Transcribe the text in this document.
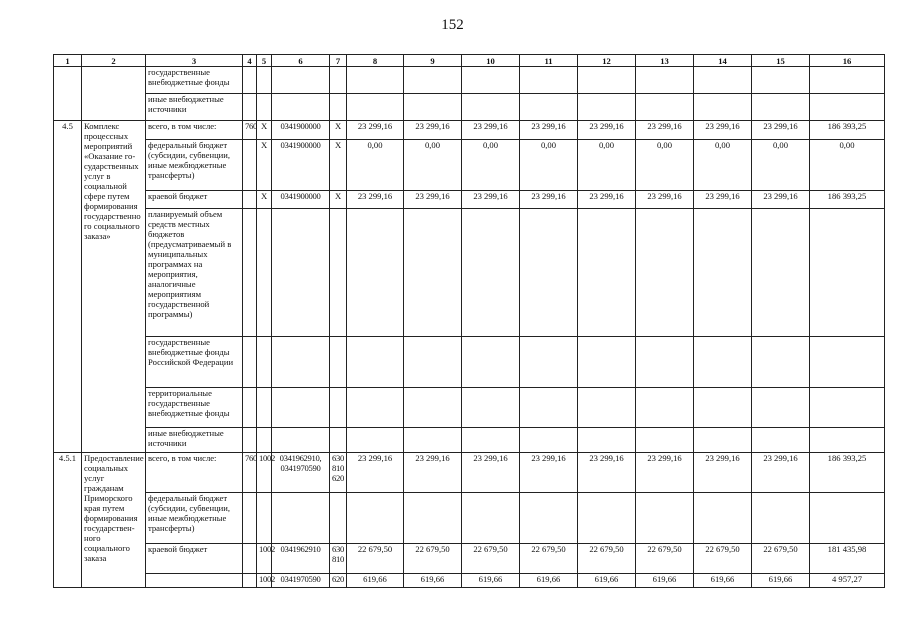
152
1	2	3	4	5	6	7	8	9	10	11	12	13	14	15	16
		государственные внебюджетные фонды													
		иные внебюджетные источники													
4.5	Комплекс процессных мероприятий «Оказание го-сударственных услуг в социальной сфере путем формирования государственно го социального заказа»	всего, в том числе:	760	Х	0341900000	Х	23 299,16	23 299,16	23 299,16	23 299,16	23 299,16	23 299,16	23 299,16	23 299,16	186 393,25
		федеральный бюджет (субсидии, субвенции, иные межбюджетные трансферты)		Х	0341900000	Х	0,00	0,00	0,00	0,00	0,00	0,00	0,00	0,00	0,00
		краевой бюджет		Х	0341900000	Х	23 299,16	23 299,16	23 299,16	23 299,16	23 299,16	23 299,16	23 299,16	23 299,16	186 393,25
		планируемый объем средств местных бюджетов (предусматриваемый в муниципальных программах на мероприятия, аналогичные мероприятиям государственной программы)													
		государственные внебюджетные фонды Российской Федерации													
		территориальные государственные внебюджетные фонды													
		иные внебюджетные источники													
4.5.1	Предоставление социальных услуг гражданам Приморского края путем формирования государствен-ного социального заказа	всего, в том числе:	760	1002	0341962910, 0341970590	630 810 620	23 299,16	23 299,16	23 299,16	23 299,16	23 299,16	23 299,16	23 299,16	23 299,16	186 393,25
		федеральный бюджет (субсидии, субвенции, иные межбюджетные трансферты)													
		краевой бюджет		1002	0341962910	630 810	22 679,50	22 679,50	22 679,50	22 679,50	22 679,50	22 679,50	22 679,50	22 679,50	181 435,98
				1002	0341970590	620	619,66	619,66	619,66	619,66	619,66	619,66	619,66	619,66	4 957,27
